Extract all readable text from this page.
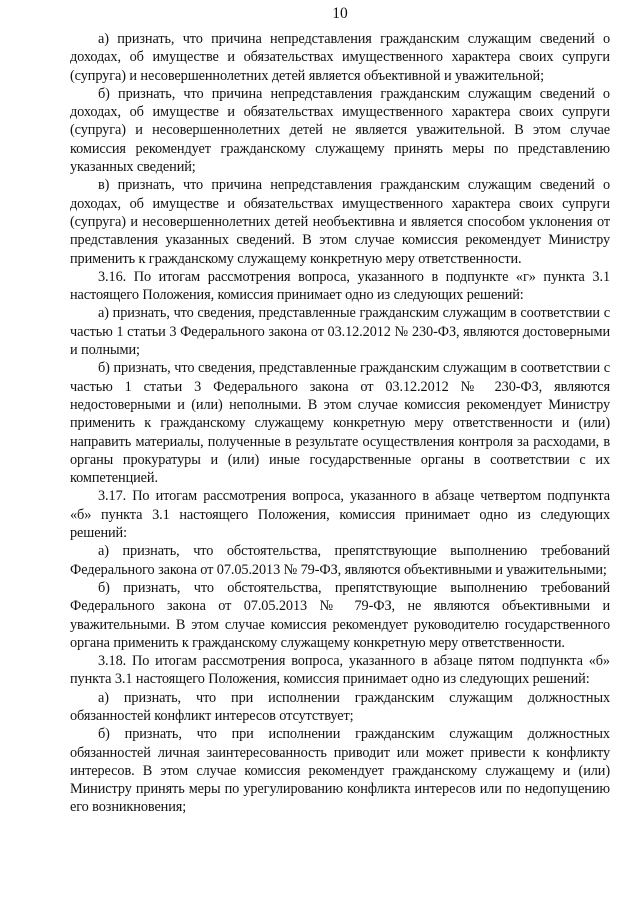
10

а) признать, что причина непредставления гражданским служащим сведений о доходах, об имуществе и обязательствах имущественного характера своих супруги (супруга) и несовершеннолетних детей является объективной и уважительной;

б) признать, что причина непредставления гражданским служащим сведений о доходах, об имуществе и обязательствах имущественного характера своих супруги (супруга) и несовершеннолетних детей не является уважительной. В этом случае комиссия рекомендует гражданскому служащему принять меры по представлению указанных сведений;

в) признать, что причина непредставления гражданским служащим сведений о доходах, об имуществе и обязательствах имущественного характера своих супруги (супруга) и несовершеннолетних детей необъективна и является способом уклонения от представления указанных сведений. В этом случае комиссия рекомендует Министру применить к гражданскому служащему конкретную меру ответственности.

3.16. По итогам рассмотрения вопроса, указанного в подпункте «г» пункта 3.1 настоящего Положения, комиссия принимает одно из следующих решений:

а) признать, что сведения, представленные гражданским служащим в соответствии с частью 1 статьи 3 Федерального закона от 03.12.2012 № 230-ФЗ, являются достоверными и полными;

б) признать, что сведения, представленные гражданским служащим в соответствии с частью 1 статьи 3 Федерального закона от 03.12.2012 № 230-ФЗ, являются недостоверными и (или) неполными. В этом случае комиссия рекомендует Министру применить к гражданскому служащему конкретную меру ответственности и (или) направить материалы, полученные в результате осуществления контроля за расходами, в органы прокуратуры и (или) иные государственные органы в соответствии с их компетенцией.

3.17. По итогам рассмотрения вопроса, указанного в абзаце четвертом подпункта «б» пункта 3.1 настоящего Положения, комиссия принимает одно из следующих решений:

а) признать, что обстоятельства, препятствующие выполнению требований Федерального закона от 07.05.2013 № 79-ФЗ, являются объективными и уважительными;

б) признать, что обстоятельства, препятствующие выполнению требований Федерального закона от 07.05.2013 № 79-ФЗ, не являются объективными и уважительными. В этом случае комиссия рекомендует руководителю государственного органа применить к гражданскому служащему конкретную меру ответственности.

3.18. По итогам рассмотрения вопроса, указанного в абзаце пятом подпункта «б» пункта 3.1 настоящего Положения, комиссия принимает одно из следующих решений:

а) признать, что при исполнении гражданским служащим должностных обязанностей конфликт интересов отсутствует;

б) признать, что при исполнении гражданским служащим должностных обязанностей личная заинтересованность приводит или может привести к конфликту интересов. В этом случае комиссия рекомендует гражданскому служащему и (или) Министру принять меры по урегулированию конфликта интересов или по недопущению его возникновения;
